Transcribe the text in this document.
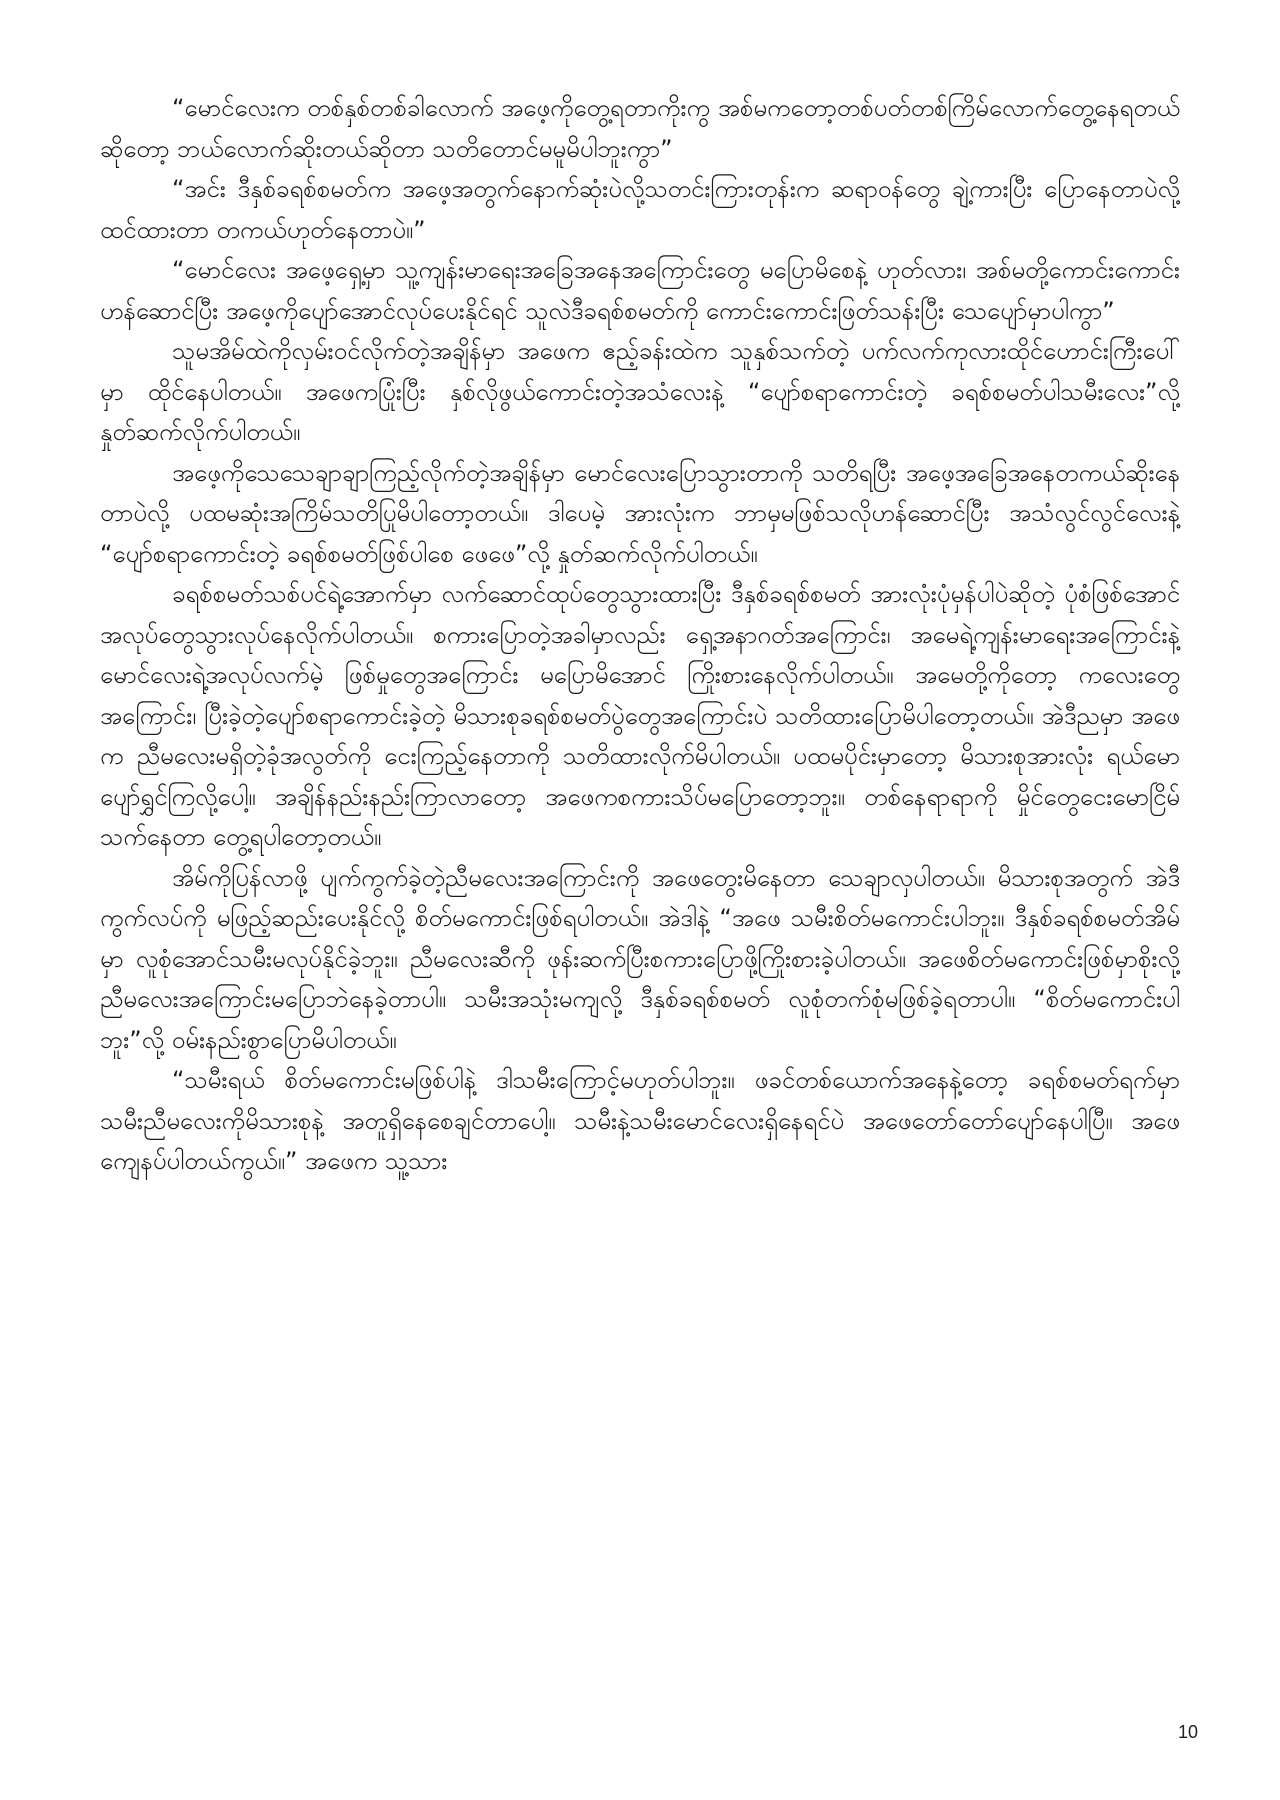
“မောင်လေးက တစ်နှစ်တစ်ခါလောက် အဖေ့ကိုတွေ့ရတာကိုးကွ အစ်မကတော့တစ်ပတ်တစ်ကြိမ်လောက်တွေ့နေရတယ်ဆိုတော့ ဘယ်လောက်ဆိုးတယ်ဆိုတာ သတိတောင်မမူမိပါဘူးကွာ”

“အင်း ဒီနှစ်ခရစ်စမတ်က အဖေ့အတွက်နောက်ဆုံးပဲလို့သတင်းကြားတုန်းက ဆရာဝန်တွေ ချဲ့ကားပြီး ပြောနေတာပဲလို့ထင်ထားတာ တကယ်ဟုတ်နေတာပဲ။”

“မောင်လေး အဖေ့ရှေ့မှာ သူ့ကျန်းမာရေးအခြေအနေအကြောင်းတွေ မပြောမိစေနဲ့ ဟုတ်လား၊ အစ်မတို့ကောင်းကောင်းဟန်ဆောင်ပြီး အဖေ့ကိုပျော်အောင်လုပ်ပေးနိုင်ရင် သူလဲဒီခရစ်စမတ်ကို ကောင်းကောင်းဖြတ်သန်းပြီး သေပျော်မှာပါကွာ”

သူမအိမ်ထဲကိုလှမ်းဝင်လိုက်တဲ့အချိန်မှာ အဖေက ဧည့်ခန်းထဲက သူနှစ်သက်တဲ့ ပက်လက်ကုလားထိုင်ဟောင်းကြီးပေါ်မှာ ထိုင်နေပါတယ်။ အဖေကပြုံးပြီး နှစ်လိုဖွယ်ကောင်းတဲ့အသံလေးနဲ့ “ပျော်စရာကောင်းတဲ့ ခရစ်စမတ်ပါသမီးလေး”လို့ နှုတ်ဆက်လိုက်ပါတယ်။

အဖေ့ကိုသေသေချာချာကြည့်လိုက်တဲ့အချိန်မှာ မောင်လေးပြောသွားတာကို သတိရပြီး အဖေ့အခြေအနေတကယ်ဆိုးနေတာပဲလို့ ပထမဆုံးအကြိမ်သတိပြုမိပါတော့တယ်။ ဒါပေမဲ့ အားလုံးက ဘာမှမဖြစ်သလိုဟန်ဆောင်ပြီး အသံလွင်လွင်လေးနဲ့ “ပျော်စရာကောင်းတဲ့ ခရစ်စမတ်ဖြစ်ပါစေ ဖေဖေ”လို့ နှုတ်ဆက်လိုက်ပါတယ်။

ခရစ်စမတ်သစ်ပင်ရဲ့အောက်မှာ လက်ဆောင်ထုပ်တွေသွားထားပြီး ဒီနှစ်ခရစ်စမတ် အားလုံးပုံမှန်ပါပဲဆိုတဲ့ ပုံစံဖြစ်အောင် အလုပ်တွေသွားလုပ်နေလိုက်ပါတယ်။ စကားပြောတဲ့အခါမှာလည်း ရှေ့အနာဂတ်အကြောင်း၊ အမေရဲ့ကျန်းမာရေးအကြောင်းနဲ့ မောင်လေးရဲ့အလုပ်လက်မဲ့ ဖြစ်မှုတွေအကြောင်း မပြောမိအောင် ကြိုးစားနေလိုက်ပါတယ်။ အမေတို့ကိုတော့ ကလေးတွေအကြောင်း၊ ပြီးခဲ့တဲ့ပျော်စရာကောင်းခဲ့တဲ့ မိသားစုခရစ်စမတ်ပွဲတွေအကြောင်းပဲ သတိထားပြောမိပါတော့တယ်။ အဲဒီညမှာ အဖေက ညီမလေးမရှိတဲ့ခုံအလွတ်ကို ငေးကြည့်နေတာကို သတိထားလိုက်မိပါတယ်။ ပထမပိုင်းမှာတော့ မိသားစုအားလုံး ရယ်မောပျော်ရွှင်ကြလို့ပေါ့။ အချိန်နည်းနည်းကြာလာတော့ အဖေကစကားသိပ်မပြောတော့ဘူး။ တစ်နေရာရာကို မှိုင်တွေငေးမောငြိမ်သက်နေတာ တွေ့ရပါတော့တယ်။

အိမ်ကိုပြန်လာဖို့ ပျက်ကွက်ခဲ့တဲ့ညီမလေးအကြောင်းကို အဖေတွေးမိနေတာ သေချာလှပါတယ်။ မိသားစုအတွက် အဲဒီကွက်လပ်ကို မဖြည့်ဆည်းပေးနိုင်လို့ စိတ်မကောင်းဖြစ်ရပါတယ်။ အဲဒါနဲ့ “အဖေ သမီးစိတ်မကောင်းပါဘူး။ ဒီနှစ်ခရစ်စမတ်အိမ်မှာ လူစုံအောင်သမီးမလုပ်နိုင်ခဲ့ဘူး။ ညီမလေးဆီကို ဖုန်းဆက်ပြီးစကားပြောဖို့ကြိုးစားခဲ့ပါတယ်။ အဖေစိတ်မကောင်းဖြစ်မှာစိုးလို့ ညီမလေးအကြောင်းမပြောဘဲနေခဲ့တာပါ။ သမီးအသုံးမကျလို့ ဒီနှစ်ခရစ်စမတ် လူစုံတက်စုံမဖြစ်ခဲ့ရတာပါ။ “စိတ်မကောင်းပါဘူး”လို့ ဝမ်းနည်းစွာပြောမိပါတယ်။

“သမီးရယ် စိတ်မကောင်းမဖြစ်ပါနဲ့ ဒါသမီးကြောင့်မဟုတ်ပါဘူး။ ဖခင်တစ်ယောက်အနေနဲ့တော့ ခရစ်စမတ်ရက်မှာ သမီးညီမလေးကိုမိသားစုနဲ့ အတူရှိနေစေချင်တာပေါ့။ သမီးနဲ့သမီးမောင်လေးရှိနေရင်ပဲ အဖေတော်တော်ပျော်နေပါပြီ။ အဖေကျေနပ်ပါတယ်ကွယ်။” အဖေက သူ့သား

10
